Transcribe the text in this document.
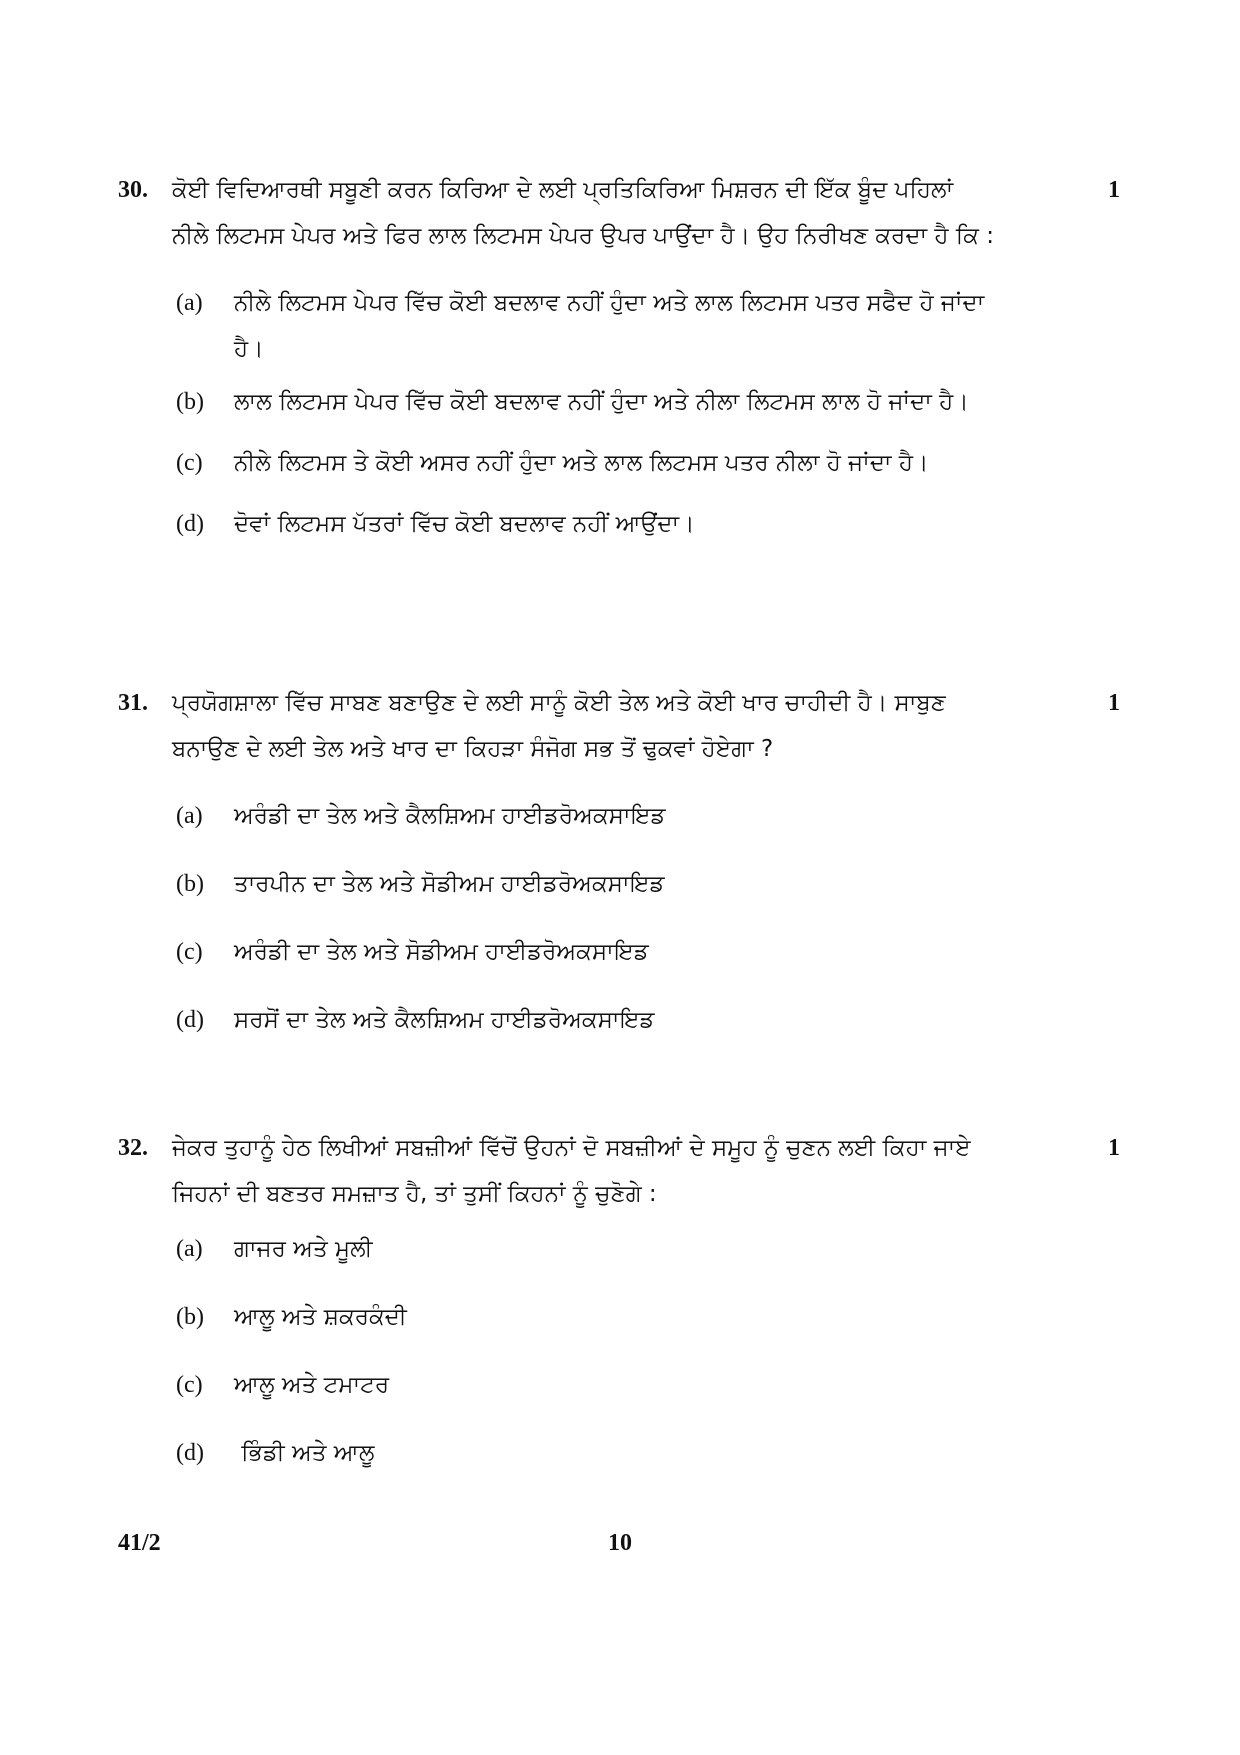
30. ਕੋਈ ਵਿਦਿਆਰਥੀ ਸਬੂਣੀ ਕਰਨ ਕਿਰਿਆ ਦੇ ਲਈ ਪ੍ਰਤਿਕਿਰਿਆ ਮਿਸ਼ਰਨ ਦੀ ਇੱਕ ਬੂੰਦ ਪਹਿਲਾਂ
ਨੀਲੇ ਲਿਟਮਸ ਪੇਪਰ ਅਤੇ ਫਿਰ ਲਾਲ ਲਿਟਮਸ ਪੇਪਰ ਉਪਰ ਪਾਉਂਦਾ ਹੈ। ਉਹ ਨਿਰੀਖਣ ਕਰਦਾ ਹੈ ਕਿ :
1
(a) ਨੀਲੇ ਲਿਟਮਸ ਪੇਪਰ ਵਿੱਚ ਕੋਈ ਬਦਲਾਵ ਨਹੀਂ ਹੁੰਦਾ ਅਤੇ ਲਾਲ ਲਿਟਮਸ ਪਤਰ ਸਫੈਦ ਹੋ ਜਾਂਦਾ
ਹੈ।
(b) ਲਾਲ ਲਿਟਮਸ ਪੇਪਰ ਵਿੱਚ ਕੋਈ ਬਦਲਾਵ ਨਹੀਂ ਹੁੰਦਾ ਅਤੇ ਨੀਲਾ ਲਿਟਮਸ ਲਾਲ ਹੋ ਜਾਂਦਾ ਹੈ।
(c) ਨੀਲੇ ਲਿਟਮਸ ਤੇ ਕੋਈ ਅਸਰ ਨਹੀਂ ਹੁੰਦਾ ਅਤੇ ਲਾਲ ਲਿਟਮਸ ਪਤਰ ਨੀਲਾ ਹੋ ਜਾਂਦਾ ਹੈ।
(d) ਦੋਵਾਂ ਲਿਟਮਸ ਪੱਤਰਾਂ ਵਿੱਚ ਕੋਈ ਬਦਲਾਵ ਨਹੀਂ ਆਉਂਦਾ।
31. ਪ੍ਰਯੋਗਸ਼ਾਲਾ ਵਿੱਚ ਸਾਬਣ ਬਣਾਉਣ ਦੇ ਲਈ ਸਾਨੂੰ ਕੋਈ ਤੇਲ ਅਤੇ ਕੋਈ ਖਾਰ ਚਾਹੀਦੀ ਹੈ। ਸਾਬੁਣ
ਬਨਾਉਣ ਦੇ ਲਈ ਤੇਲ ਅਤੇ ਖਾਰ ਦਾ ਕਿਹੜਾ ਸੰਜੋਗ ਸਭ ਤੋਂ ਢੁਕਵਾਂ ਹੋਏਗਾ ?
1
(a) ਅਰੰਡੀ ਦਾ ਤੇਲ ਅਤੇ ਕੈਲਸ਼ਿਅਮ ਹਾਈਡਰੋਅਕਸਾਇਡ
(b) ਤਾਰਪੀਨ ਦਾ ਤੇਲ ਅਤੇ ਸੋਡੀਅਮ ਹਾਈਡਰੋਅਕਸਾਇਡ
(c) ਅਰੰਡੀ ਦਾ ਤੇਲ ਅਤੇ ਸੋਡੀਅਮ ਹਾਈਡਰੋਅਕਸਾਇਡ
(d) ਸਰਸੋਂ ਦਾ ਤੇਲ ਅਤੇ ਕੈਲਸ਼ਿਅਮ ਹਾਈਡਰੋਅਕਸਾਇਡ
32. ਜੇਕਰ ਤੁਹਾਨੂੰ ਹੇਠ ਲਿਖੀਆਂ ਸਬਜ਼ੀਆਂ ਵਿੱਚੋਂ ਉਹਨਾਂ ਦੋ ਸਬਜ਼ੀਆਂ ਦੇ ਸਮੂਹ ਨੂੰ ਚੁਣਨ ਲਈ ਕਿਹਾ ਜਾਏ
ਜਿਹਨਾਂ ਦੀ ਬਣਤਰ ਸਮਜ਼ਾਤ ਹੈ, ਤਾਂ ਤੁਸੀਂ ਕਿਹਨਾਂ ਨੂੰ ਚੁਣੋਗੇ :
1
(a) ਗਾਜਰ ਅਤੇ ਮੂਲੀ
(b) ਆਲੂ ਅਤੇ ਸ਼ਕਰਕੰਦੀ
(c) ਆਲੂ ਅਤੇ ਟਮਾਟਰ
(d) ਭਿੰਡੀ ਅਤੇ ਆਲੂ
41/2	10
